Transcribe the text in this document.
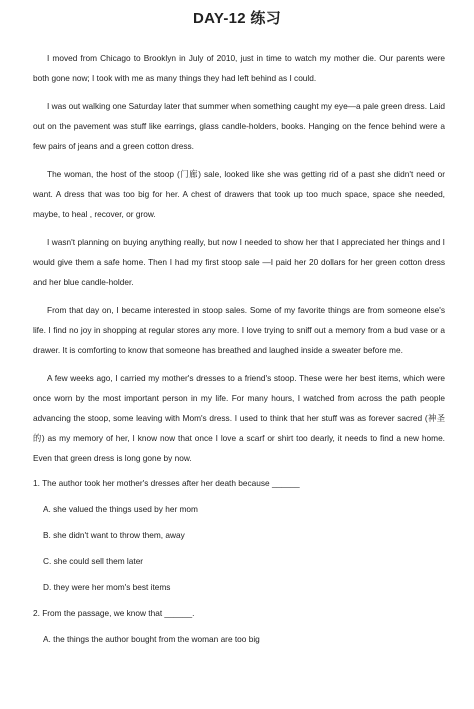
DAY-12 练习

I moved from Chicago to Brooklyn in July of 2010, just in time to watch my mother die. Our parents were both gone now; I took with me as many things they had left behind as I could.

I was out walking one Saturday later that summer when something caught my eye—a pale green dress. Laid out on the pavement was stuff like earrings, glass candle-holders, books. Hanging on the fence behind were a few pairs of jeans and a green cotton dress.

The woman, the host of the stoop (门廊) sale, looked like she was getting rid of a past she didn't need or want. A dress that was too big for her. A chest of drawers that took up too much space, space she needed, maybe, to heal , recover, or grow.

I wasn't planning on buying anything really, but now I needed to show her that I appreciated her things and I would give them a safe home. Then I had my first stoop sale —I paid her 20 dollars for her green cotton dress and her blue candle-holder.

From that day on, I became interested in stoop sales. Some of my favorite things are from someone else's life. I find no joy in shopping at regular stores any more. I love trying to sniff out a memory from a bud vase or a drawer. It is comforting to know that someone has breathed and laughed inside a sweater before me.

A few weeks ago, I carried my mother's dresses to a friend's stoop. These were her best items, which were once worn by the most important person in my life. For many hours, I watched from across the path people advancing the stoop, some leaving with Mom's dress. I used to think that her stuff was as forever sacred (神圣的) as my memory of her, I know now that once I love a scarf or shirt too dearly, it needs to find a new home. Even that green dress is long gone by now.

1. The author took her mother's dresses after her death because ______
A. she valued the things used by her mom
B. she didn't want to throw them, away
C. she could sell them later
D. they were her mom's best items
2. From the passage, we know that ______.
A. the things the author bought from the woman are too big
